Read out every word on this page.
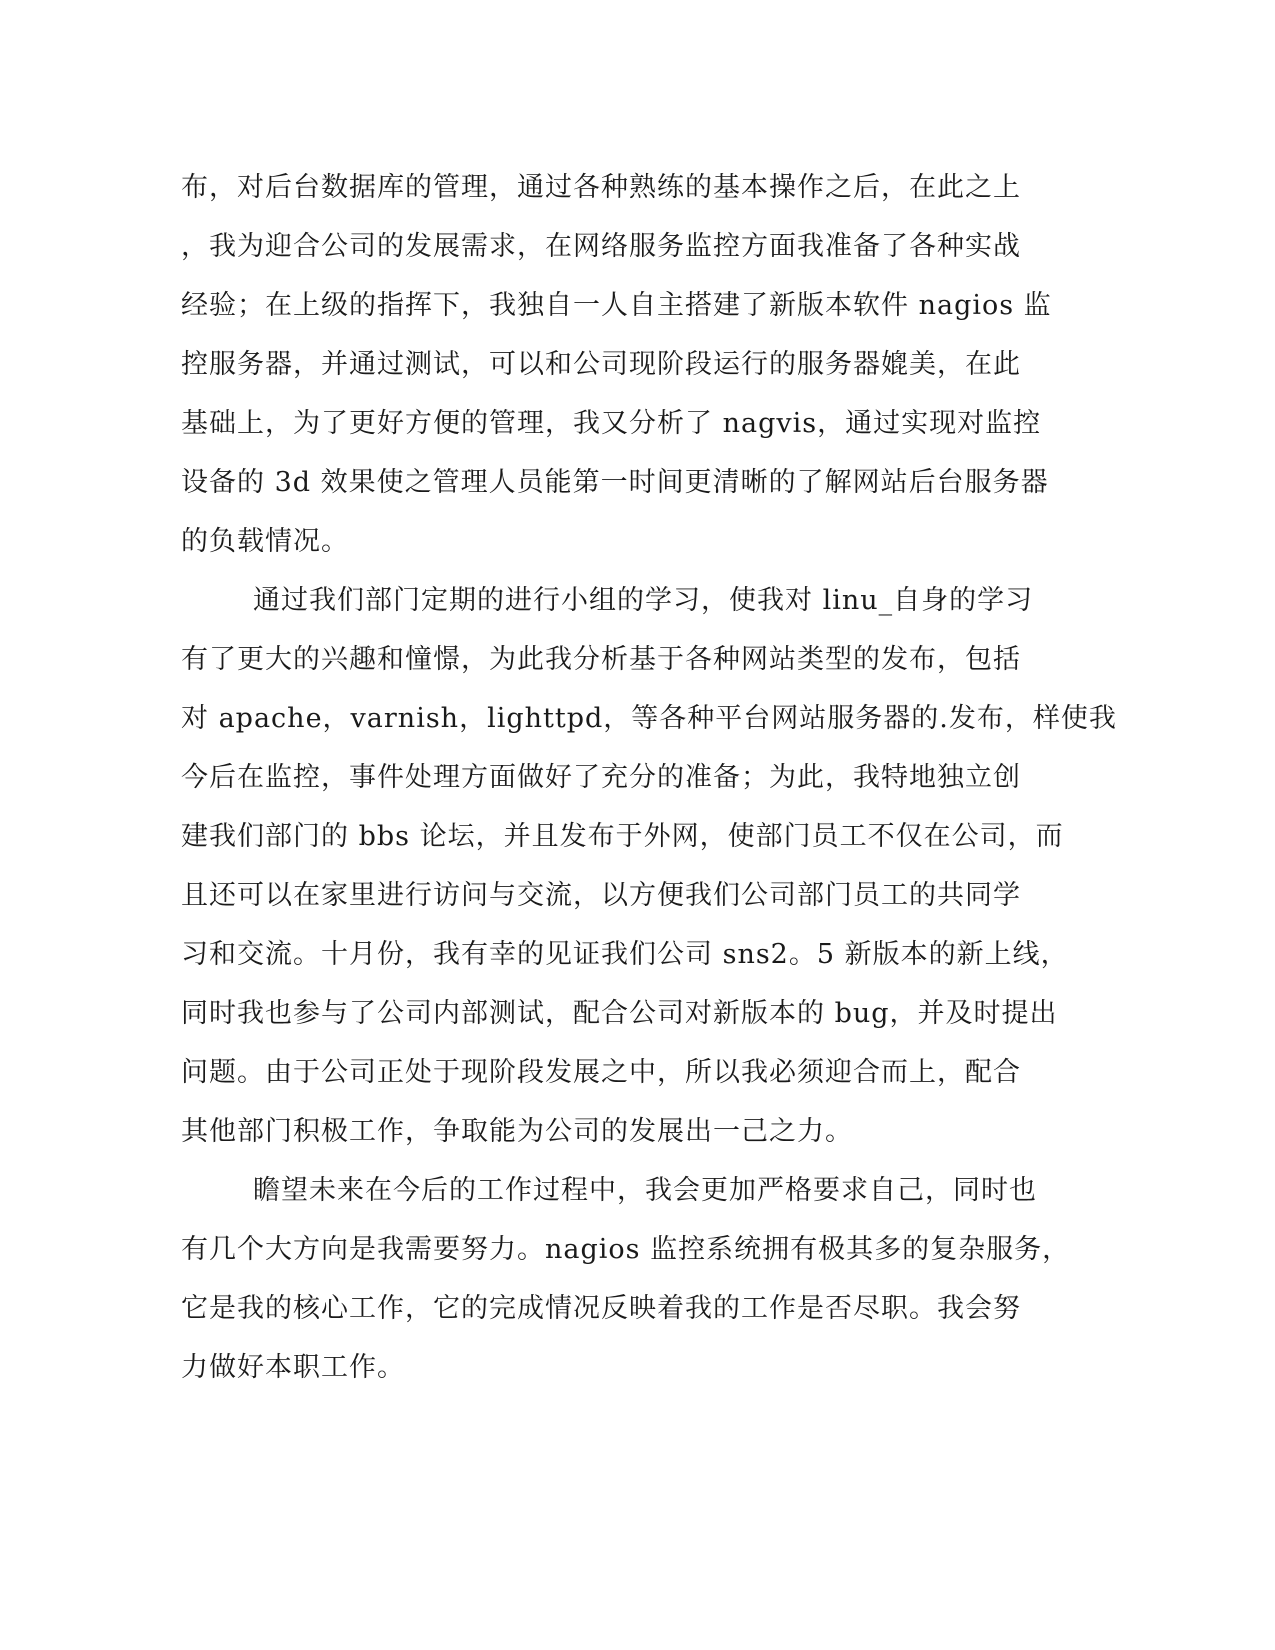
布，对后台数据库的管理，通过各种熟练的基本操作之后，在此之上
，我为迎合公司的发展需求，在网络服务监控方面我准备了各种实战
经验；在上级的指挥下，我独自一人自主搭建了新版本软件 nagios 监
控服务器，并通过测试，可以和公司现阶段运行的服务器媲美，在此
基础上，为了更好方便的管理，我又分析了 nagvis，通过实现对监控
设备的 3d 效果使之管理人员能第一时间更清晰的了解网站后台服务器
的负载情况。
通过我们部门定期的进行小组的学习，使我对 linu_自身的学习
有了更大的兴趣和憧憬，为此我分析基于各种网站类型的发布，包括
对 apache，varnish，lighttpd，等各种平台网站服务器的.发布，样使我
今后在监控，事件处理方面做好了充分的准备；为此，我特地独立创
建我们部门的 bbs 论坛，并且发布于外网，使部门员工不仅在公司，而
且还可以在家里进行访问与交流，以方便我们公司部门员工的共同学
习和交流。十月份，我有幸的见证我们公司 sns2。5 新版本的新上线，
同时我也参与了公司内部测试，配合公司对新版本的 bug，并及时提出
问题。由于公司正处于现阶段发展之中，所以我必须迎合而上，配合
其他部门积极工作，争取能为公司的发展出一己之力。
瞻望未来在今后的工作过程中，我会更加严格要求自己，同时也
有几个大方向是我需要努力。nagios 监控系统拥有极其多的复杂服务，
它是我的核心工作，它的完成情况反映着我的工作是否尽职。我会努
力做好本职工作。
